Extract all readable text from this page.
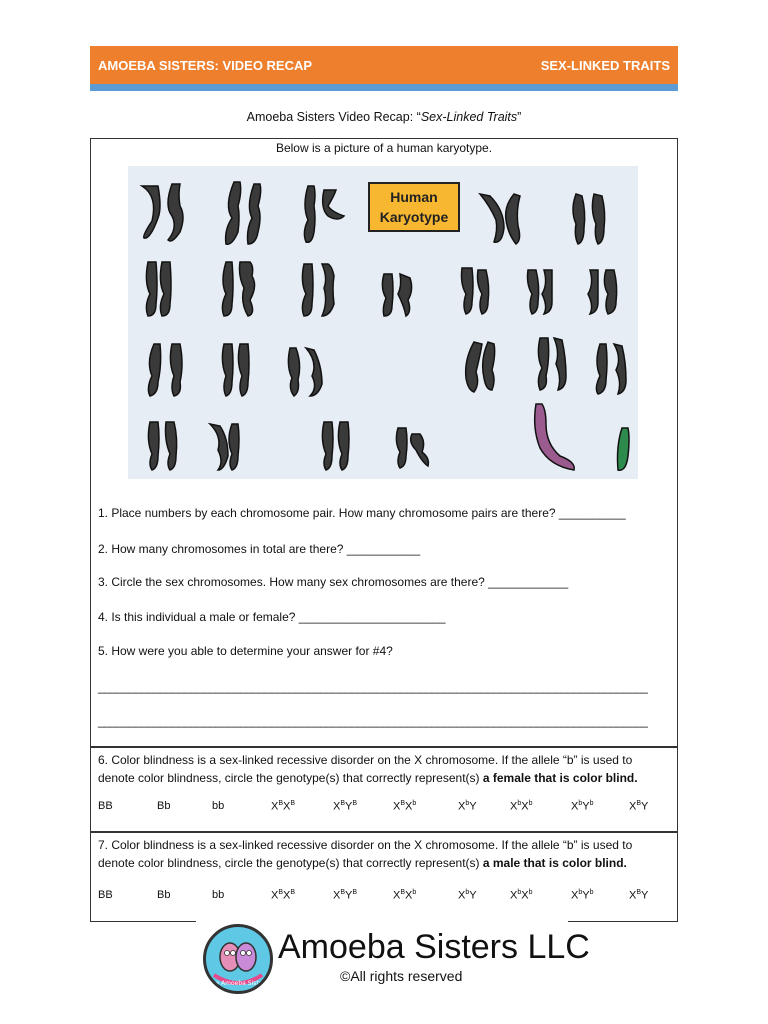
AMOEBA SISTERS: VIDEO RECAP	SEX-LINKED TRAITS
Amoeba Sisters Video Recap: “Sex-Linked Traits”
Below is a picture of a human karyotype.
Human
Karyotype
1. Place numbers by each chromosome pair. How many chromosome pairs are there? __________
2. How many chromosomes in total are there? ___________
3. Circle the sex chromosomes. How many sex chromosomes are there? ____________
4. Is this individual a male or female? ______________________
5. How were you able to determine your answer for #4?
_________________________________________________________________________________________
_________________________________________________________________________________________
6. Color blindness is a sex-linked recessive disorder on the X chromosome. If the allele “b” is used to denote color blindness, circle the genotype(s) that correctly represent(s) a female that is color blind.
BB	Bb	bb	$X^BX^B$	$X^BY^B$	$X^BX^b$	$X^bY$	$X^bX^b$	$X^bY^b$	$X^BY$
7. Color blindness is a sex-linked recessive disorder on the X chromosome. If the allele “b” is used to denote color blindness, circle the genotype(s) that correctly represent(s) a male that is color blind.
BB	Bb	bb	$X^BX^B$	$X^BY^B$	$X^BX^b$	$X^bY$	$X^bX^b$	$X^bY^b$	$X^BY$
The Amoeba Sisters
Amoeba Sisters LLC
©All rights reserved
